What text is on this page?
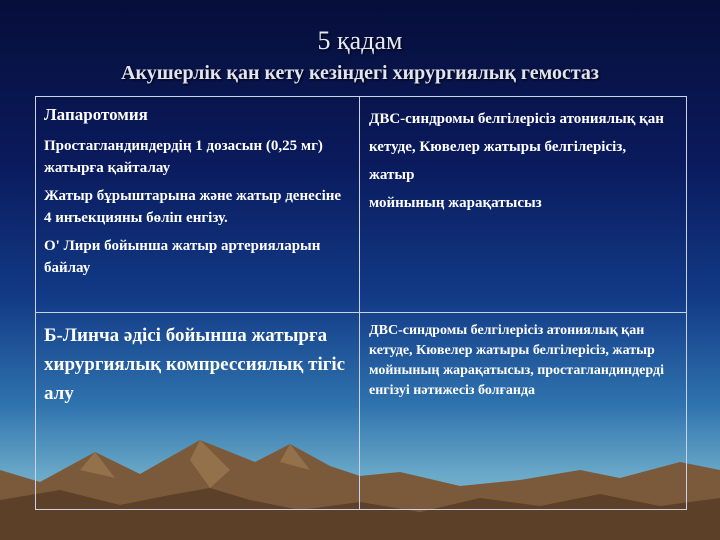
5 қадам
Акушерлік қан кету кезіндегі хирургиялық гемостаз

Лапаротомия

Простагландиндердің 1 дозасын (0,25 мг) жатырға қайталау

Жатыр бұрыштарына және жатыр денесіне 4 инъекцияны бөліп енгізу.

О' Лири бойынша жатыр артерияларын байлау

ДВС-синдромы белгілерісіз атониялық қан кетуде, Кювелер жатыры белгілерісіз, жатыр

мойнының жарақатысыз

Б-Линча әдісі бойынша жатырға хирургиялық компрессиялық тігіс алу

ДВС-синдромы белгілерісіз атониялық қан кетуде, Кювелер жатыры белгілерісіз, жатыр мойнының жарақатысыз, простагландиндерді енгізуі нәтижесіз болғанда
